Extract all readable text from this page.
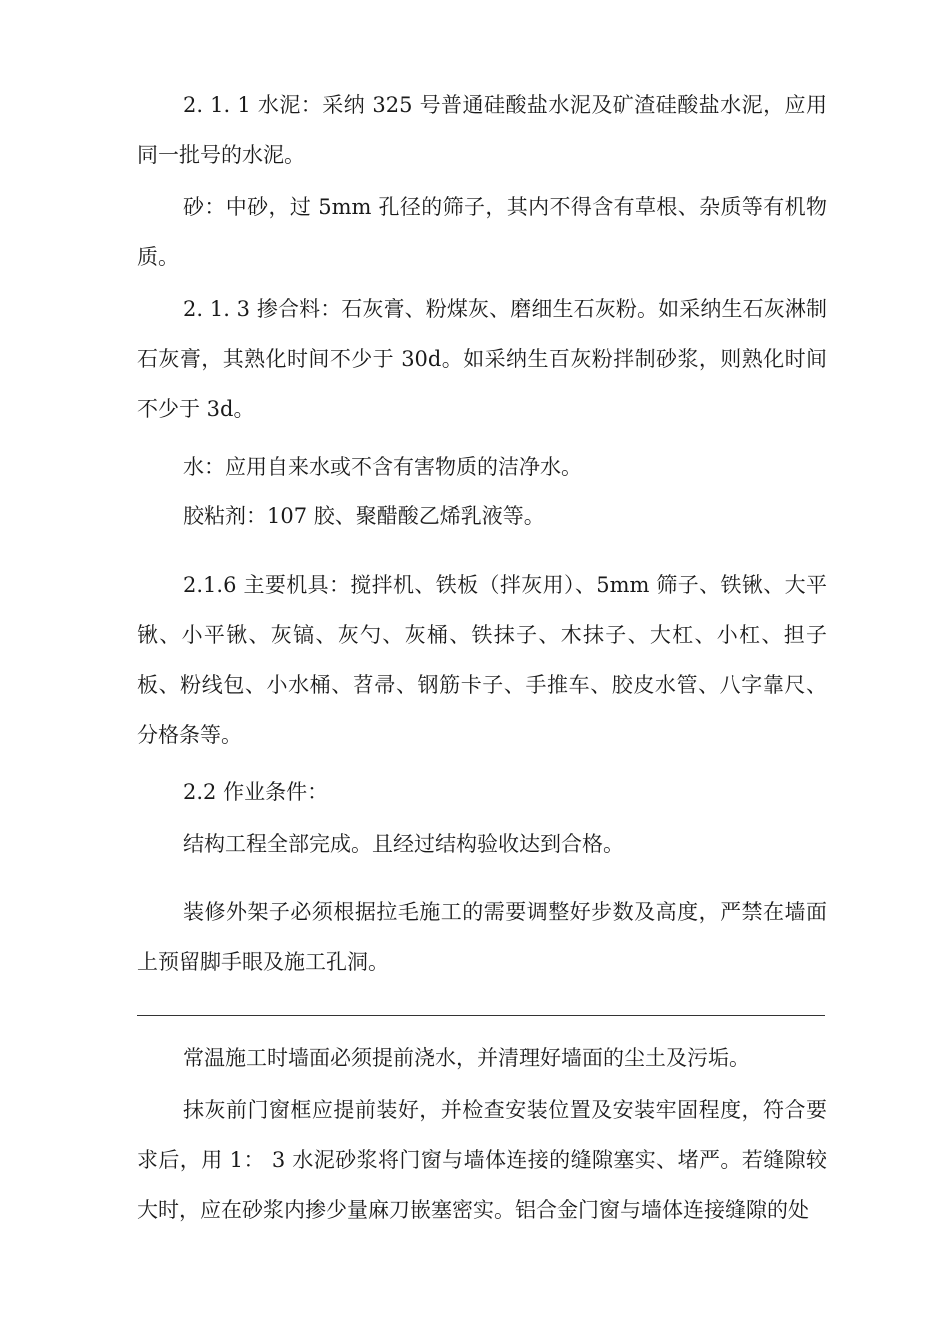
2. 1. 1 水泥：采纳 325 号普通硅酸盐水泥及矿渣硅酸盐水泥，应用同一批号的水泥。

砂：中砂，过 5mm 孔径的筛子，其内不得含有草根、杂质等有机物质。

2. 1. 3 掺合料：石灰膏、粉煤灰、磨细生石灰粉。如采纳生石灰淋制石灰膏，其熟化时间不少于 30d。如采纳生百灰粉拌制砂浆，则熟化时间不少于 3d。

水：应用自来水或不含有害物质的洁净水。

胶粘剂：107 胶、聚醋酸乙烯乳液等。

2.1.6 主要机具：搅拌机、铁板（拌灰用）、5mm 筛子、铁锹、大平锹、小平锹、灰镐、灰勺、灰桶、铁抹子、木抹子、大杠、小杠、担子板、粉线包、小水桶、苕帚、钢筋卡子、手推车、胶皮水管、八字靠尺、分格条等。

2.2 作业条件：

结构工程全部完成。且经过结构验收达到合格。

装修外架子必须根据拉毛施工的需要调整好步数及高度，严禁在墙面上预留脚手眼及施工孔洞。

常温施工时墙面必须提前浇水，并清理好墙面的尘土及污垢。

抹灰前门窗框应提前装好，并检查安装位置及安装牢固程度，符合要求后，用 1： 3 水泥砂浆将门窗与墙体连接的缝隙塞实、堵严。若缝隙较大时，应在砂浆内掺少量麻刀嵌塞密实。铝合金门窗与墙体连接缝隙的处
